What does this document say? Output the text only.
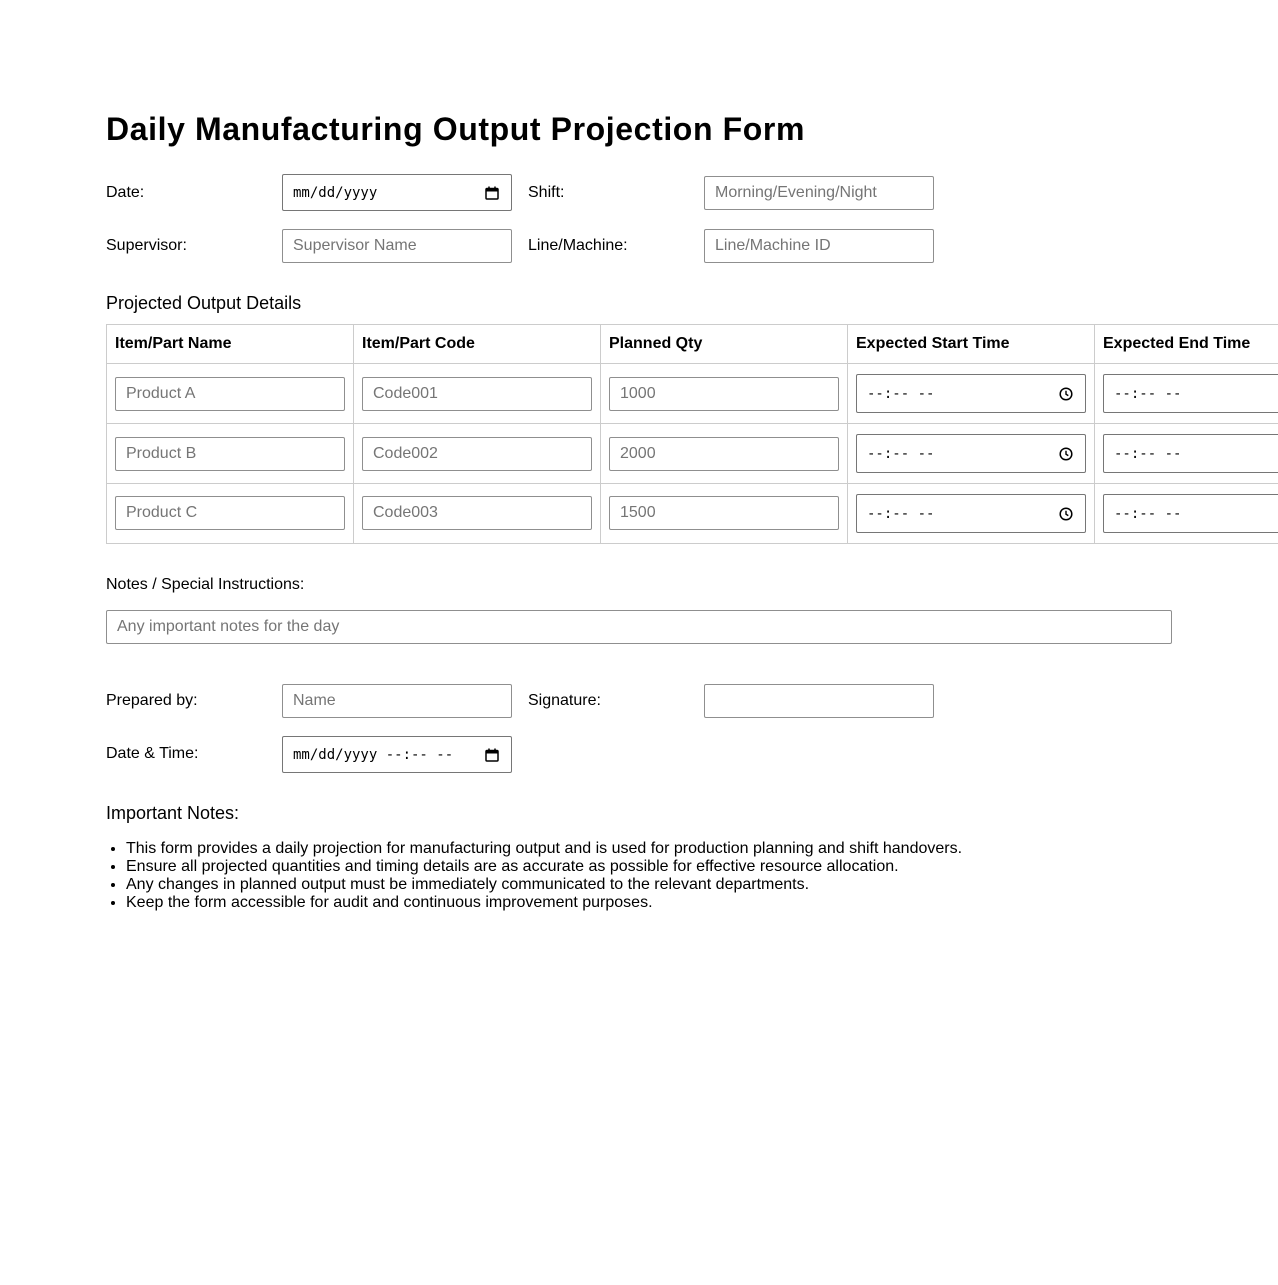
Daily Manufacturing Output Projection Form
Date:	mm/dd/yyyy	Shift:	Morning/Evening/Night
Supervisor:	Supervisor Name	Line/Machine:	Line/Machine ID
Projected Output Details
Item/Part Name	Item/Part Code	Planned Qty	Expected Start Time	Expected End Time
Product A	Code001	1000	--:-- --	--:-- --
Product B	Code002	2000	--:-- --	--:-- --
Product C	Code003	1500	--:-- --	--:-- --
Notes / Special Instructions:
Any important notes for the day
Prepared by:	Name	Signature:
Date & Time:	mm/dd/yyyy --:-- --
Important Notes:
• This form provides a daily projection for manufacturing output and is used for production planning and shift handovers.
• Ensure all projected quantities and timing details are as accurate as possible for effective resource allocation.
• Any changes in planned output must be immediately communicated to the relevant departments.
• Keep the form accessible for audit and continuous improvement purposes.
